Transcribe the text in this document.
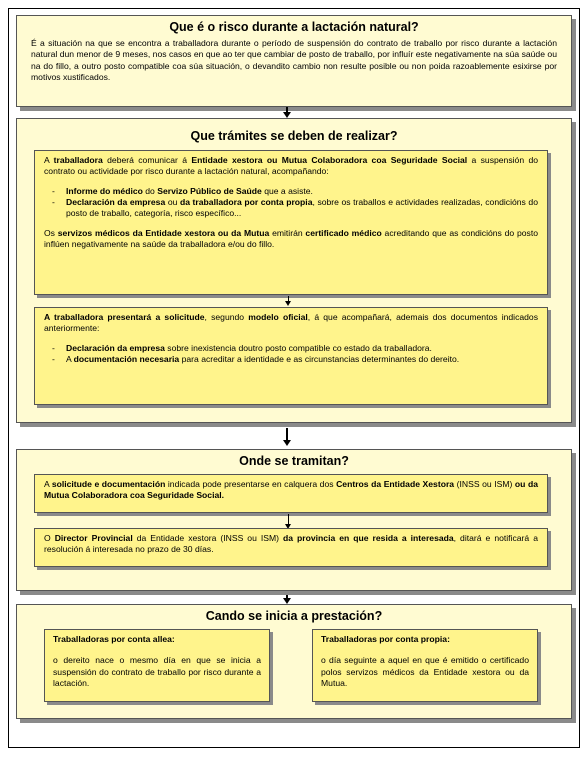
Que é o risco durante a lactación natural?
É a situación na que se encontra a traballadora durante o período de suspensión do contrato de traballo por risco durante a lactación natural dun menor de 9 meses, nos casos en que ao ter que cambiar de posto de traballo, por influír este negativamente na súa saúde ou na do fillo, a outro posto compatible coa súa situación, o devandito cambio non resulte posible ou non poida razoablemente esixirse por motivos xustificados.
Que trámites se deben de realizar?
A traballadora deberá comunicar á Entidade xestora ou Mutua Colaboradora coa Seguridade Social a suspensión do contrato ou actividade por risco durante a lactación natural, acompañando:
- Informe do médico do Servizo Público de Saúde que a asiste.
- Declaración da empresa ou da traballadora por conta propia, sobre os traballos e actividades realizadas, condicións do posto de traballo, categoría, risco específico...
Os servizos médicos da Entidade xestora ou da Mutua emitirán certificado médico acreditando que as condicións do posto inflúen negativamente na saúde da traballadora e/ou do fillo.
A traballadora presentará a solicitude, segundo modelo oficial, á que acompañará, ademais dos documentos indicados anteriormente:
- Declaración da empresa sobre inexistencia doutro posto compatible co estado da traballadora.
- A documentación necesaria para acreditar a identidade e as circunstancias determinantes do dereito.
Onde se tramitan?
A solicitude e documentación indicada pode presentarse en calquera dos Centros da Entidade Xestora (INSS ou ISM) ou da Mutua Colaboradora coa Seguridade Social.
O Director Provincial da Entidade xestora (INSS ou ISM) da provincia en que resida a interesada, ditará e notificará a resolución á interesada no prazo de 30 días.
Cando se inicia a prestación?
Traballadoras por conta allea:
o dereito nace o mesmo día en que se inicia a suspensión do contrato de traballo por risco durante a lactación.
Traballadoras por conta propia:
o día seguinte a aquel en que é emitido o certificado polos servizos médicos da Entidade xestora ou da Mutua.
